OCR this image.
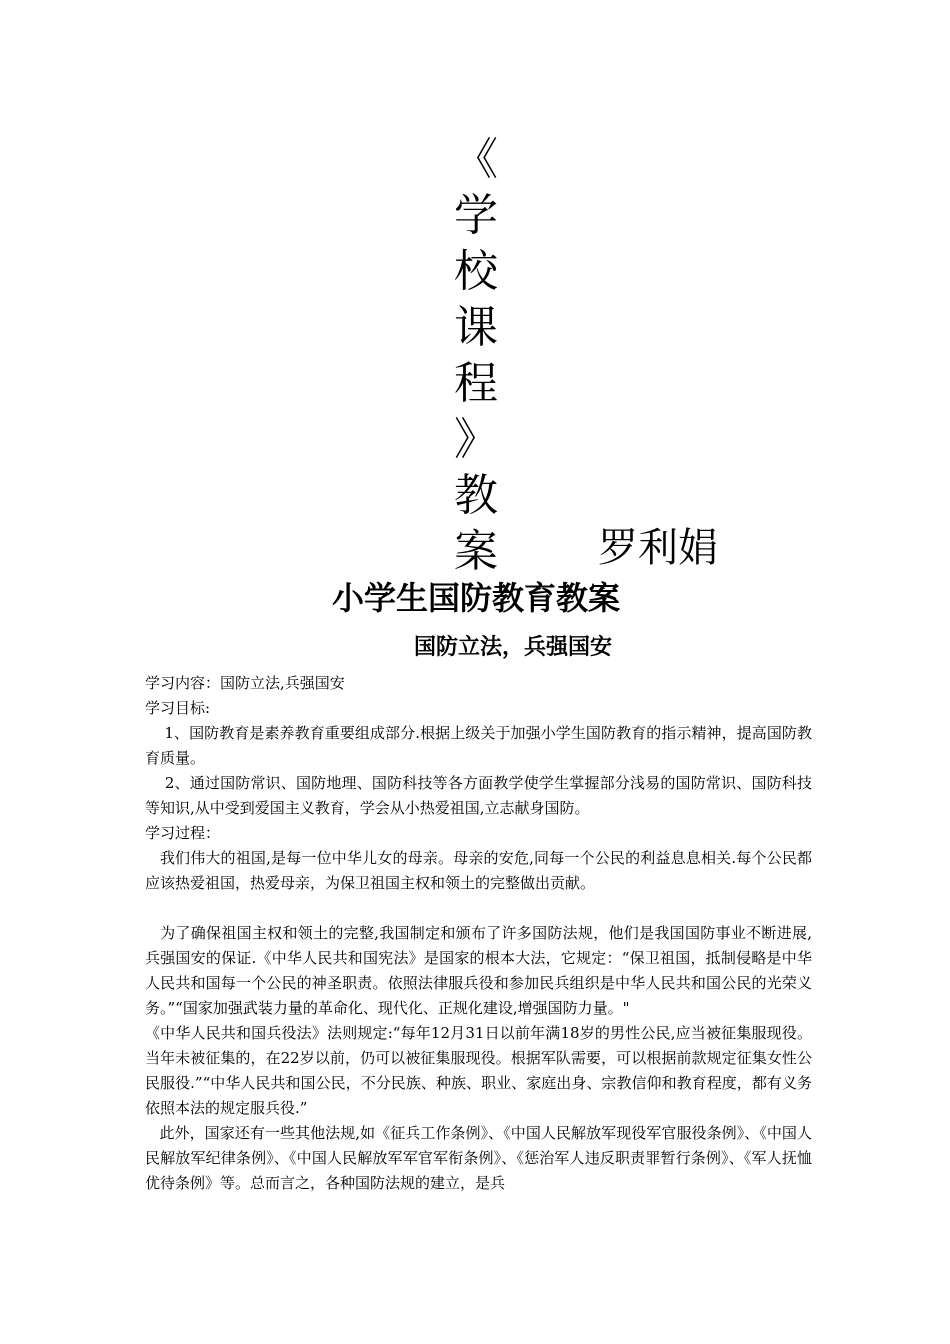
《
学
校
课
程
》
教
案	罗利娟
小学生国防教育教案
国防立法，兵强国安

学习内容：国防立法,兵强国安

学习目标:

1、国防教育是素养教育重要组成部分.根据上级关于加强小学生国防教育的指示精神，提高国防教育质量。

2、通过国防常识、国防地理、国防科技等各方面教学使学生掌握部分浅易的国防常识、国防科技等知识,从中受到爱国主义教育，学会从小热爱祖国,立志献身国防。

学习过程：

我们伟大的祖国,是每一位中华儿女的母亲。母亲的安危,同每一个公民的利益息息相关.每个公民都应该热爱祖国，热爱母亲，为保卫祖国主权和领土的完整做出贡献。

为了确保祖国主权和领土的完整,我国制定和颁布了许多国防法规，他们是我国国防事业不断进展,兵强国安的保证.《中华人民共和国宪法》是国家的根本大法，它规定：“保卫祖国，抵制侵略是中华人民共和国每一个公民的神圣职责。依照法律服兵役和参加民兵组织是中华人民共和国公民的光荣义务。”“国家加强武装力量的革命化、现代化、正规化建设,增强国防力量。"

《中华人民共和国兵役法》法则规定:“每年12月31日以前年满18岁的男性公民,应当被征集服现役。当年未被征集的，在22岁以前，仍可以被征集服现役。根据军队需要，可以根据前款规定征集女性公民服役.”“中华人民共和国公民，不分民族、种族、职业、家庭出身、宗教信仰和教育程度，都有义务依照本法的规定服兵役.”

此外，国家还有一些其他法规,如《征兵工作条例》、《中国人民解放军现役军官服役条例》、《中国人民解放军纪律条例》、《中国人民解放军军官军衔条例》、《惩治军人违反职责罪暂行条例》、《军人抚恤优待条例》等。总而言之，各种国防法规的建立，是兵
